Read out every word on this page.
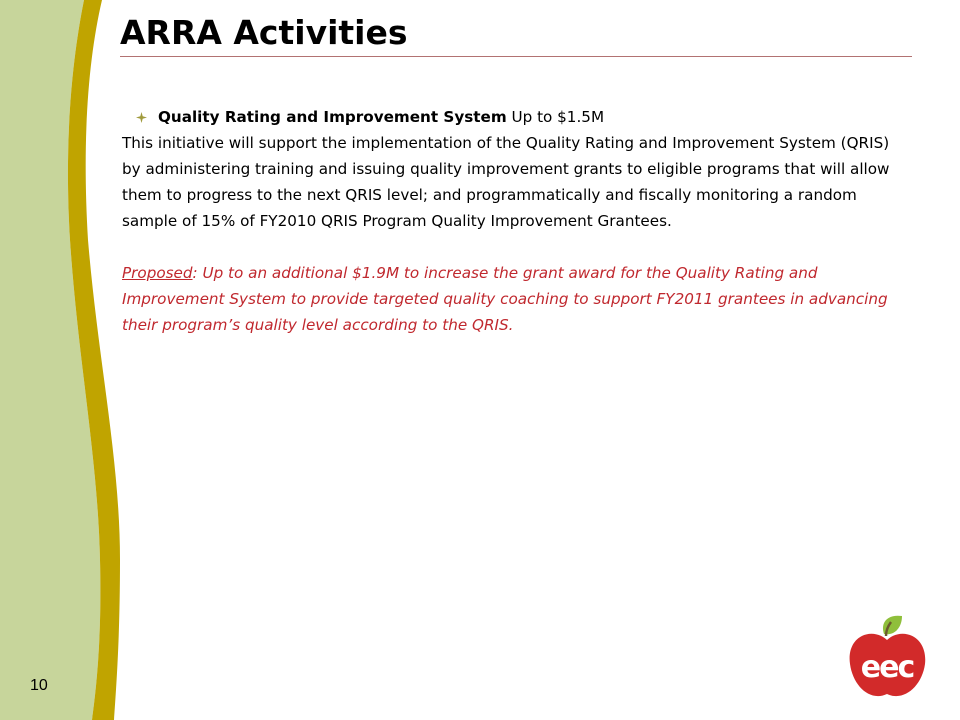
ARRA Activities
Quality Rating and Improvement System Up to $1.5M

This initiative will support the implementation of the Quality Rating and Improvement System (QRIS) by administering training and issuing quality improvement grants to eligible programs that will allow them to progress to the next QRIS level; and programmatically and fiscally monitoring a random sample of 15% of FY2010 QRIS Program Quality Improvement Grantees.

Proposed: Up to an additional $1.9M to increase the grant award for the Quality Rating and Improvement System to provide targeted quality coaching to support FY2011 grantees in advancing their program’s quality level according to the QRIS.

10
eec
